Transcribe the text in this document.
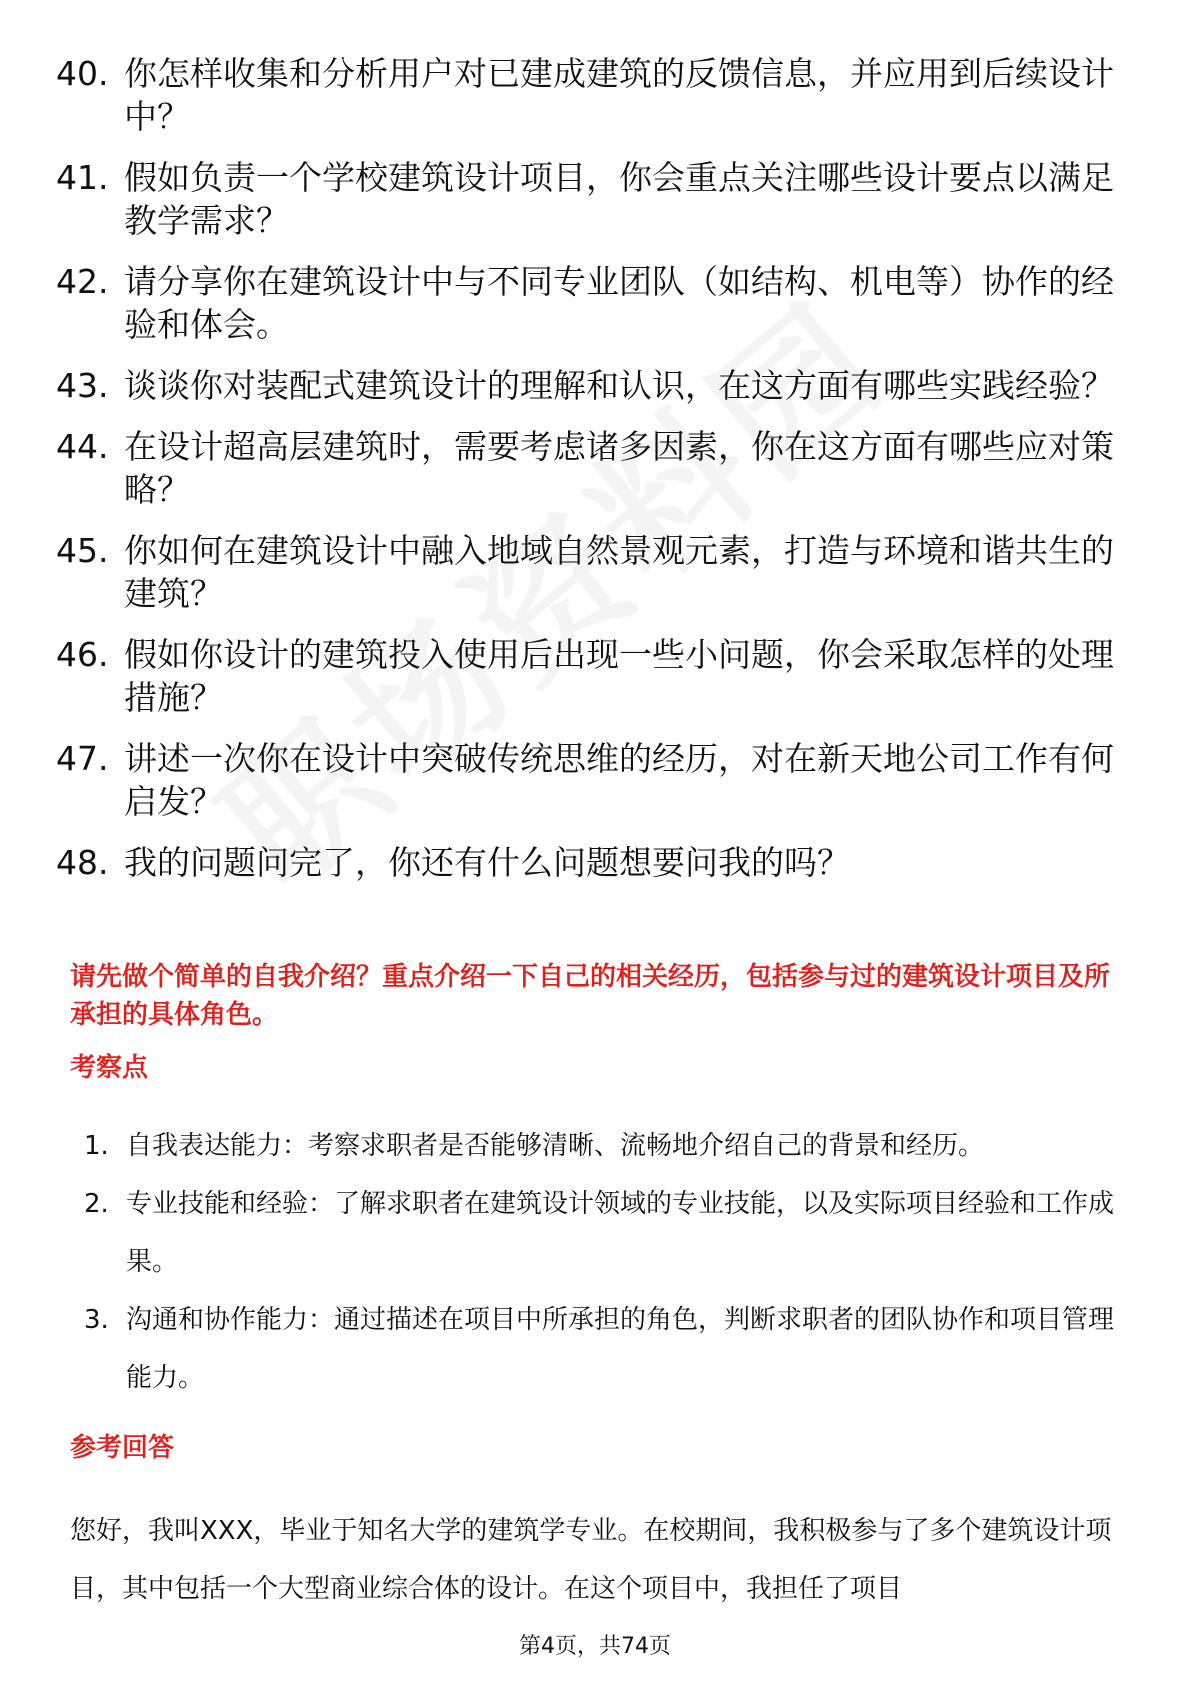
40. 你怎样收集和分析用户对已建成建筑的反馈信息，并应用到后续设计中？
41. 假如负责一个学校建筑设计项目，你会重点关注哪些设计要点以满足教学需求？
42. 请分享你在建筑设计中与不同专业团队（如结构、机电等）协作的经验和体会。
43. 谈谈你对装配式建筑设计的理解和认识，在这方面有哪些实践经验？
44. 在设计超高层建筑时，需要考虑诸多因素，你在这方面有哪些应对策略？
45. 你如何在建筑设计中融入地域自然景观元素，打造与环境和谐共生的建筑？
46. 假如你设计的建筑投入使用后出现一些小问题，你会采取怎样的处理措施？
47. 讲述一次你在设计中突破传统思维的经历，对在新天地公司工作有何启发？
48. 我的问题问完了，你还有什么问题想要问我的吗？
请先做个简单的自我介绍？重点介绍一下自己的相关经历，包括参与过的建筑设计项目及所承担的具体角色。
考察点
1. 自我表达能力：考察求职者是否能够清晰、流畅地介绍自己的背景和经历。
2. 专业技能和经验：了解求职者在建筑设计领域的专业技能，以及实际项目经验和工作成果。
3. 沟通和协作能力：通过描述在项目中所承担的角色，判断求职者的团队协作和项目管理能力。
参考回答
您好，我叫XXX，毕业于知名大学的建筑学专业。在校期间，我积极参与了多个建筑设计项目，其中包括一个大型商业综合体的设计。在这个项目中，我担任了项目
第4页，共74页
